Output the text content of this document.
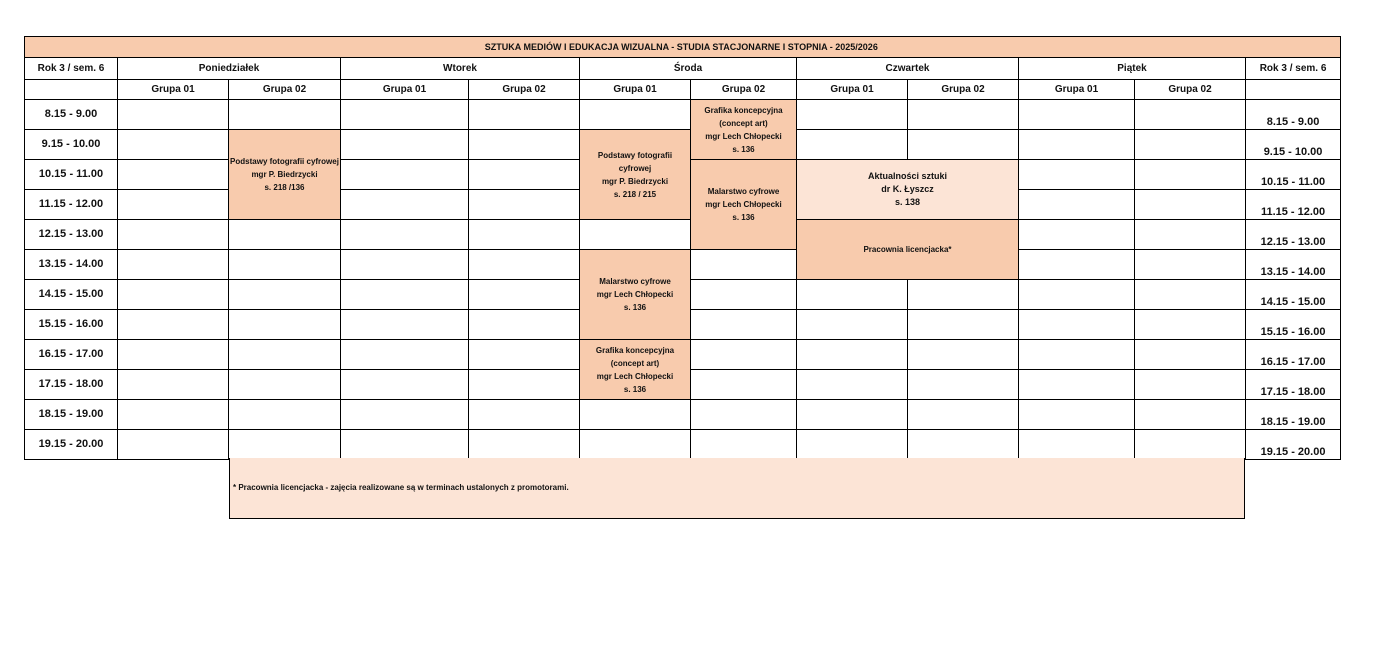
SZTUKA MEDIÓW I EDUKACJA WIZUALNA - STUDIA STACJONARNE I STOPNIA - 2025/2026 											
Rok 3 / sem. 6	Poniedziałek		Wtorek		Środa		Czwartek		Piątek		Rok 3 / sem. 6
	Grupa 01	Grupa 02	Grupa 01	Grupa 02	Grupa 01	Grupa 02	Grupa 01	Grupa 02	Grupa 01	Grupa 02	
8.15 - 9.00						Grafika koncepcyjna
(concept art)
mgr Lech Chłopecki
s. 136					8.15 - 9.00
9.15 - 10.00		Podstawy fotografii cyfrowej
mgr P. Biedrzycki
s. 218 /136			Podstawy fotografii cyfrowej
mgr P. Biedrzycki
s. 218 / 215						9.15 - 10.00
10.15 - 11.00						Malarstwo cyfrowe
mgr Lech Chłopecki
s. 136	Aktualności sztuki
dr K. Łyszcz
s. 138				10.15 - 11.00
11.15 - 12.00											11.15 - 12.00
12.15 - 13.00							Pracownia licencjacka*				12.15 - 13.00
13.15 - 14.00					Malarstwo cyfrowe
mgr Lech Chłopecki
s. 136						13.15 - 14.00
14.15 - 15.00											14.15 - 15.00
15.15 - 16.00											15.15 - 16.00
16.15 - 17.00					Grafika koncepcyjna
(concept art)
mgr Lech Chłopecki
s. 136						16.15 - 17.00
17.15 - 18.00											17.15 - 18.00
18.15 - 19.00											18.15 - 19.00
19.15 - 20.00											19.15 - 20.00
* Pracownia licencjacka - zajęcia realizowane są w terminach ustalonych z promotorami.
